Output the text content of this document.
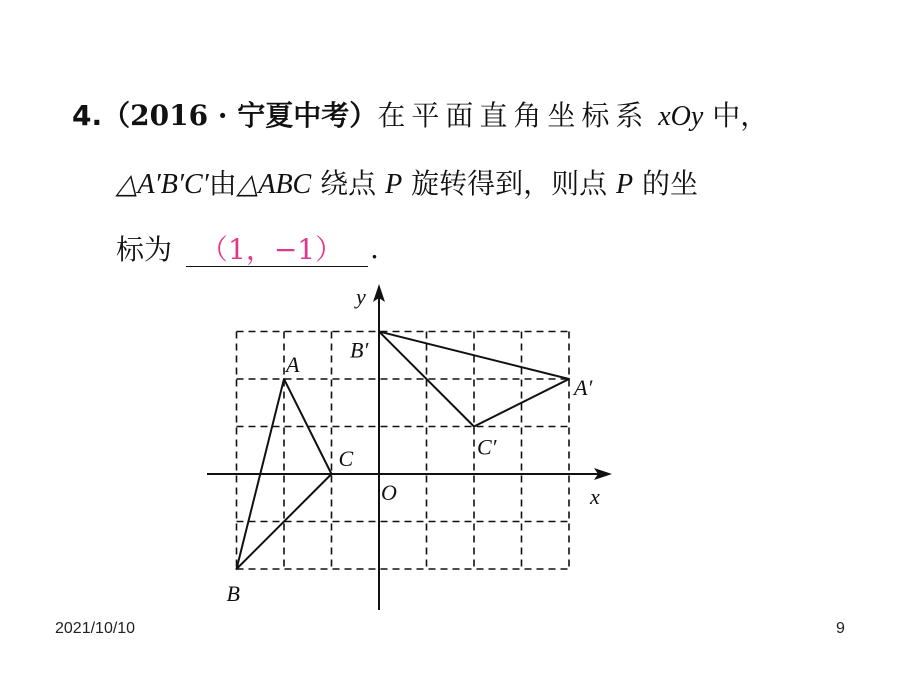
4.（2016 · 宁夏中考）在平面直角坐标系 xOy 中，
△A′B′C′由△ABC 绕点 P 旋转得到，则点 P 的坐
标为 （1，−1） .
y
x
O
A
B
C
A′
B′
C′
2021/10/10	9
